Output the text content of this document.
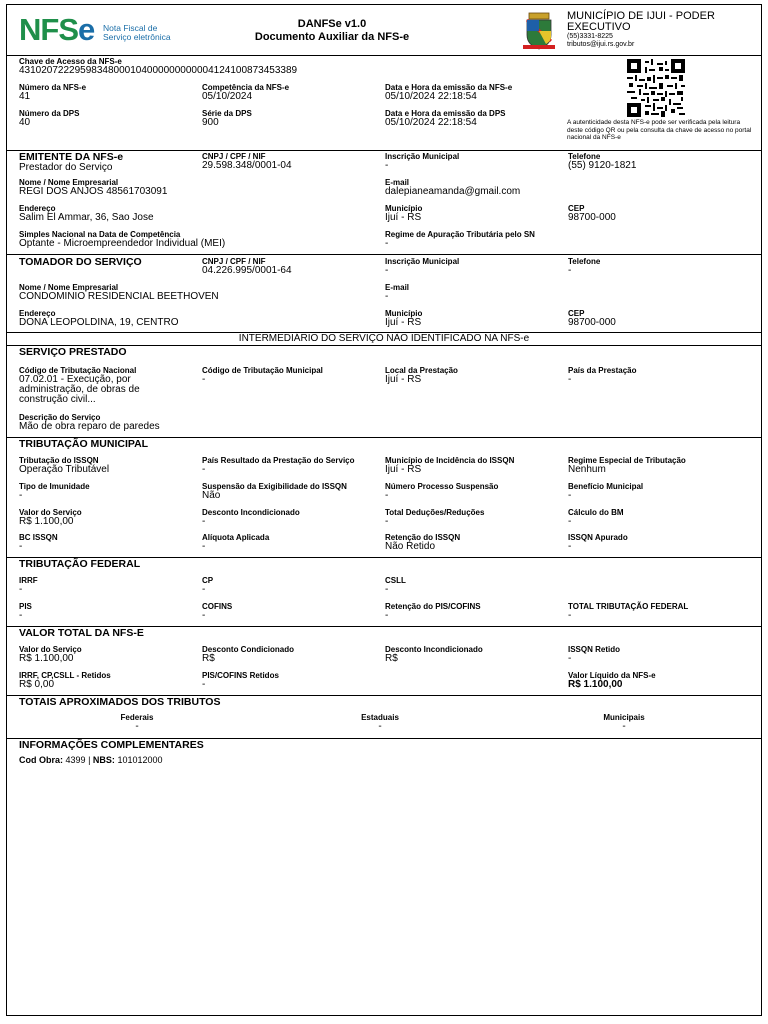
NFSe Nota Fiscal de
Serviço eletrônica
DANFSe v1.0
Documento Auxiliar da NFS-e
MUNICÍPIO DE IJUI - PODER EXECUTIVO
(55)3331-8225
tributos@ijui.rs.gov.br
Chave de Acesso da NFS-e
43102072229598348000104000000000004124100873453389
Número da NFS-e
41
Competência da NFS-e
05/10/2024
Data e Hora da emissão da NFS-e
05/10/2024 22:18:54
Número da DPS
40
Série da DPS
900
Data e Hora da emissão da DPS
05/10/2024 22:18:54	A autenticidade desta NFS-e pode ser verificada pela leitura deste código QR ou pela consulta da chave de acesso no portal nacional da NFS-e
EMITENTE DA NFS-e
Prestador do Serviço
CNPJ / CPF / NIF
29.598.348/0001-04
Inscrição Municipal
-
Telefone
(55) 9120-1821
Nome / Nome Empresarial
REGI DOS ANJOS 48561703091
E-mail
dalepianeamanda@gmail.com
Endereço
Salim El Ammar, 36, Sao Jose
Município
Ijuí - RS
CEP
98700-000
Simples Nacional na Data de Competência
Optante - Microempreendedor Individual (MEI)
Regime de Apuração Tributária pelo SN
-
TOMADOR DO SERVIÇO	CNPJ / CPF / NIF
04.226.995/0001-64
Inscrição Municipal
-
Telefone
-
Nome / Nome Empresarial
CONDOMINIO RESIDENCIAL BEETHOVEN
E-mail
-
Endereço
DONA LEOPOLDINA, 19, CENTRO
Município
Ijuí - RS
CEP
98700-000
INTERMEDIÁRIO DO SERVIÇO NÃO IDENTIFICADO NA NFS-e
SERVIÇO PRESTADO
Código de Tributação Nacional
07.02.01 - Execução, por administração, de obras de construção civil...
Código de Tributação Municipal
-
Local da Prestação
Ijuí - RS
País da Prestação
-
Descrição do Serviço
Mão de obra reparo de paredes
TRIBUTAÇÃO MUNICIPAL
Tributação do ISSQN
Operação Tributável
País Resultado da Prestação do Serviço
-
Município de Incidência do ISSQN
Ijuí - RS
Regime Especial de Tributação
Nenhum
Tipo de Imunidade
-
Suspensão da Exigibilidade do ISSQN
Não
Número Processo Suspensão
-
Benefício Municipal
-
Valor do Serviço
R$ 1.100,00
Desconto Incondicionado
-
Total Deduções/Reduções
-
Cálculo do BM
-
BC ISSQN
-
Alíquota Aplicada
-
Retenção do ISSQN
Não Retido
ISSQN Apurado
-
TRIBUTAÇÃO FEDERAL
IRRF
-
CP
-
CSLL
-
PIS
-
COFINS
-
Retenção do PIS/COFINS
-
TOTAL TRIBUTAÇÃO FEDERAL
-
VALOR TOTAL DA NFS-E
Valor do Serviço
R$ 1.100,00
Desconto Condicionado
R$
Desconto Incondicionado
R$
ISSQN Retido
-
IRRF, CP,CSLL - Retidos
R$ 0,00
PIS/COFINS Retidos
-
Valor Líquido da NFS-e
R$ 1.100,00
TOTAIS APROXIMADOS DOS TRIBUTOS
Federais
-
Estaduais
-
Municipais
-
INFORMAÇÕES COMPLEMENTARES
Cod Obra: 4399 | NBS: 101012000
